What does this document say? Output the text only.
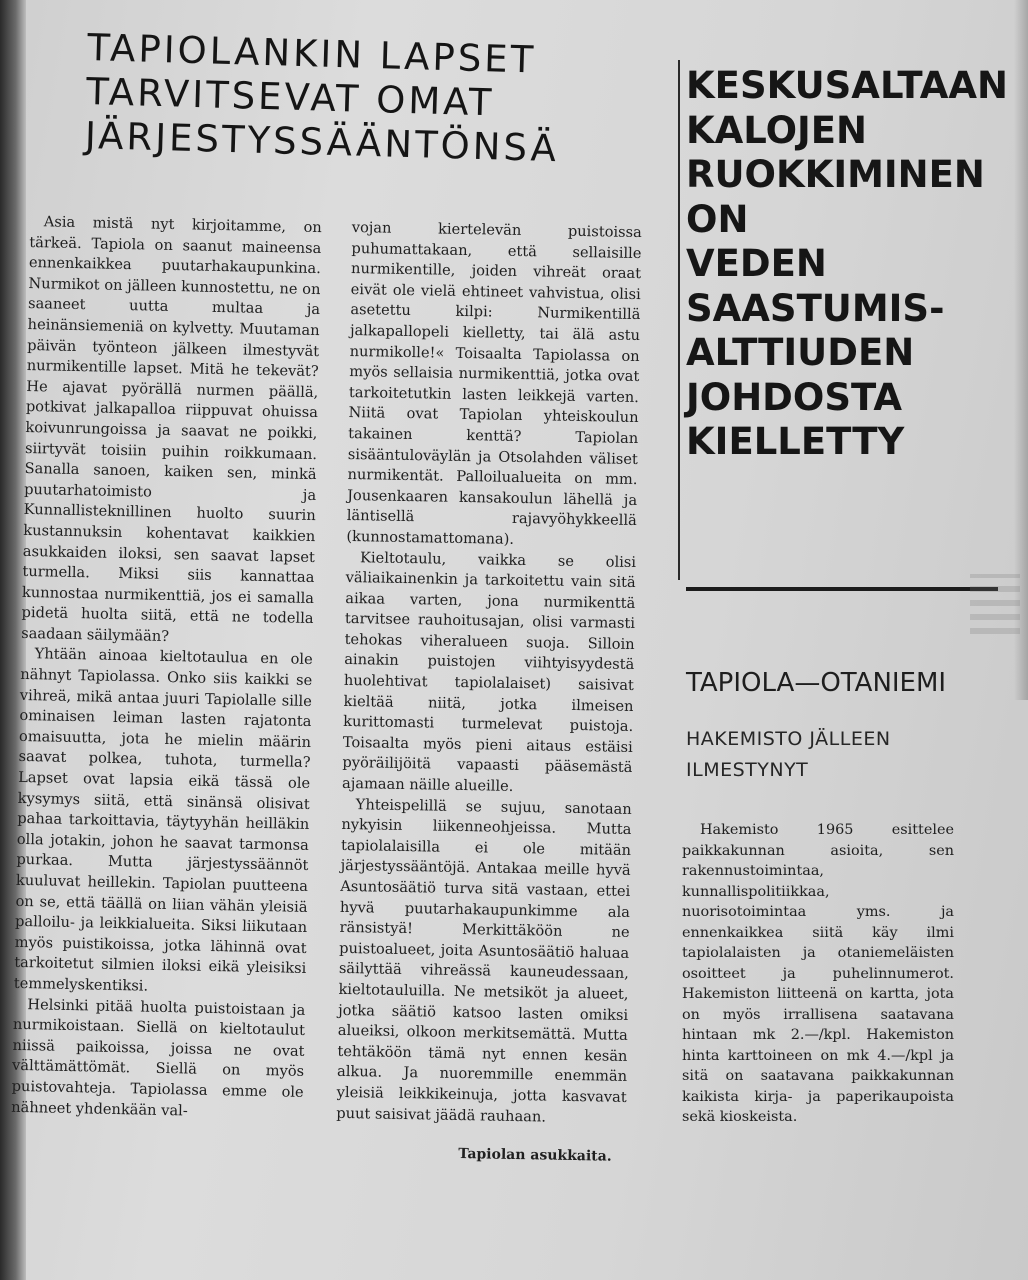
TAPIOLANKIN LAPSET
TARVITSEVAT OMAT
JÄRJESTYSSÄÄNTÖNSÄ

Asia mistä nyt kirjoitamme, on tärkeä. Tapiola on saanut maineensa ennenkaikkea puutarhakaupunkina. Nurmikot on jälleen kunnostettu, ne on saaneet uutta multaa ja heinänsiemeniä on kylvetty. Muutaman päivän työnteon jälkeen ilmestyvät nurmikentille lapset. Mitä he tekevät? He ajavat pyörällä nurmen päällä, potkivat jalkapalloa riippuvat ohuissa koivunrungoissa ja saavat ne poikki, siirtyvät toisiin puihin roikkumaan. Sanalla sanoen, kaiken sen, minkä puutarhatoimisto ja Kunnallisteknillinen huolto suurin kustannuksin kohentavat kaikkien asukkaiden iloksi, sen saavat lapset turmella. Miksi siis kannattaa kunnostaa nurmikenttiä, jos ei samalla pidetä huolta siitä, että ne todella saadaan säilymään?

Yhtään ainoaa kieltotaulua en ole nähnyt Tapiolassa. Onko siis kaikki se vihreä, mikä antaa juuri Tapiolalle sille ominaisen leiman lasten rajatonta omaisuutta, jota he mielin määrin saavat polkea, tuhota, turmella? Lapset ovat lapsia eikä tässä ole kysymys siitä, että sinänsä olisivat pahaa tarkoittavia, täytyyhän heilläkin olla jotakin, johon he saavat tarmonsa purkaa. Mutta järjestyssäännöt kuuluvat heillekin. Tapiolan puutteena on se, että täällä on liian vähän yleisiä palloilu- ja leikkialueita. Siksi liikutaan myös puistikoissa, jotka lähinnä ovat tarkoitetut silmien iloksi eikä yleisiksi temmelyskentiksi.

Helsinki pitää huolta puistoistaan ja nurmikoistaan. Siellä on kieltotaulut niissä paikoissa, joissa ne ovat välttämättömät. Siellä on myös puistovahteja. Tapiolassa emme ole nähneet yhdenkään val-

vojan kiertelevän puistoissa puhumattakaan, että sellaisille nurmikentille, joiden vihreät oraat eivät ole vielä ehtineet vahvistua, olisi asetettu kilpi: Nurmikentillä jalkapallopeli kielletty, tai älä astu nurmikolle!« Toisaalta Tapiolassa on myös sellaisia nurmikenttiä, jotka ovat tarkoitetutkin lasten leikkejä varten. Niitä ovat Tapiolan yhteiskoulun takainen kenttä? Tapiolan sisääntuloväylän ja Otsolahden väliset nurmikentät. Palloilualueita on mm. Jousenkaaren kansakoulun lähellä ja läntisellä rajavyöhykkeellä (kunnostamattomana).

Kieltotaulu, vaikka se olisi väliaikainenkin ja tarkoitettu vain sitä aikaa varten, jona nurmikenttä tarvitsee rauhoitusajan, olisi varmasti tehokas viheralueen suoja. Silloin ainakin puistojen viihtyisyydestä huolehtivat tapiolalaiset) saisivat kieltää niitä, jotka ilmeisen kurittomasti turmelevat puistoja. Toisaalta myös pieni aitaus estäisi pyöräilijöitä vapaasti pääsemästä ajamaan näille alueille.

Yhteispelillä se sujuu, sanotaan nykyisin liikenneohjeissa. Mutta tapiolalaisilla ei ole mitään järjestyssääntöjä. Antakaa meille hyvä Asuntosäätiö turva sitä vastaan, ettei hyvä puutarhakaupunkimme ala ränsistyä! Merkittäköön ne puistoalueet, joita Asuntosäätiö haluaa säilyttää vihreässä kauneudessaan, kieltotauluilla. Ne metsiköt ja alueet, jotka säätiö katsoo lasten omiksi alueiksi, olkoon merkitsemättä. Mutta tehtäköön tämä nyt ennen kesän alkua. Ja nuoremmille enemmän yleisiä leikkikeinuja, jotta kasvavat puut saisivat jäädä rauhaan.

Tapiolan asukkaita.
KESKUSALTAAN
KALOJEN
RUOKKIMINEN
ON
VEDEN
SAASTUMIS-
ALTTIUDEN
JOHDOSTA
KIELLETTY
TAPIOLA—OTANIEMI
HAKEMISTO JÄLLEEN
ILMESTYNYT

Hakemisto 1965 esittelee paikkakunnan asioita, sen rakennustoimintaa, kunnallispolitiikkaa, nuorisotoimintaa yms. ja ennenkaikkea siitä käy ilmi tapiolalaisten ja otaniemeläisten osoitteet ja puhelinnumerot. Hakemiston liitteenä on kartta, jota on myös irrallisena saatavana hintaan mk 2.—/kpl. Hakemiston hinta karttoineen on mk 4.—/kpl ja sitä on saatavana paikkakunnan kaikista kirja- ja paperikaupoista sekä kioskeista.
